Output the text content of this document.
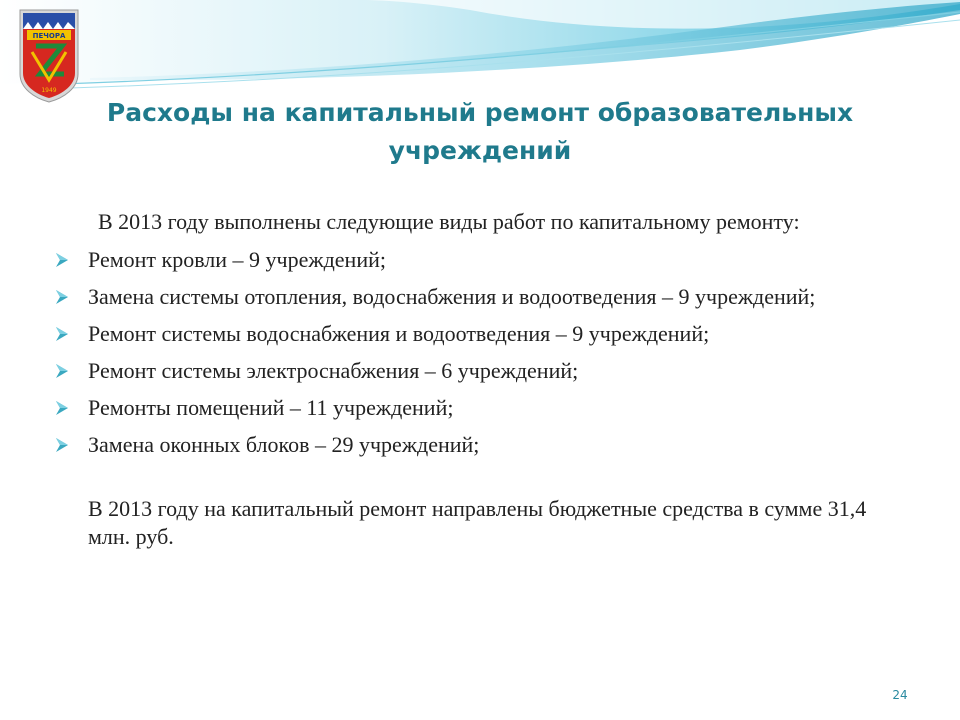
ПЕЧОРА
1949
Расходы на капитальный ремонт образовательных учреждений

В 2013 году выполнены следующие виды работ по капитальному ремонту:

Ремонт кровли – 9 учреждений;
Замена системы отопления, водоснабжения и водоотведения – 9 учреждений;
Ремонт системы водоснабжения и водоотведения – 9 учреждений;
Ремонт системы электроснабжения – 6 учреждений;
Ремонты помещений – 11 учреждений;
Замена оконных блоков – 29 учреждений;

В 2013 году на капитальный ремонт направлены бюджетные средства в сумме 31,4 млн. руб.

24
